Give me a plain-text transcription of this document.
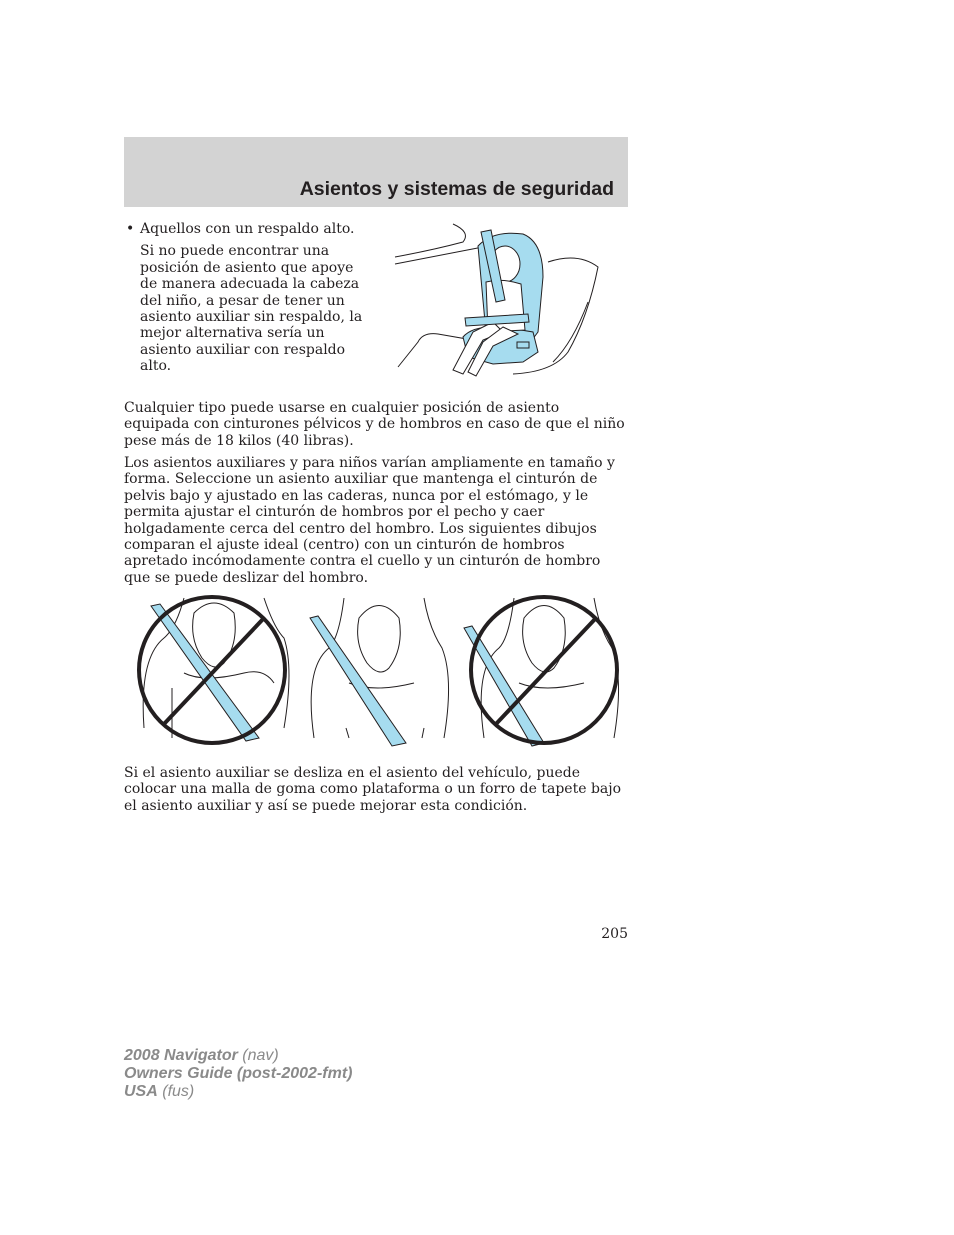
Asientos y sistemas de seguridad

• Aquellos con un respaldo alto.

Si no puede encontrar una posición de asiento que apoye de manera adecuada la cabeza del niño, a pesar de tener un asiento auxiliar sin respaldo, la mejor alternativa sería un asiento auxiliar con respaldo alto.

Cualquier tipo puede usarse en cualquier posición de asiento equipada con cinturones pélvicos y de hombros en caso de que el niño pese más de 18 kilos (40 libras).

Los asientos auxiliares y para niños varían ampliamente en tamaño y forma. Seleccione un asiento auxiliar que mantenga el cinturón de pelvis bajo y ajustado en las caderas, nunca por el estómago, y le permita ajustar el cinturón de hombros por el pecho y caer holgadamente cerca del centro del hombro. Los siguientes dibujos comparan el ajuste ideal (centro) con un cinturón de hombros apretado incómodamente contra el cuello y un cinturón de hombro que se puede deslizar del hombro.

Si el asiento auxiliar se desliza en el asiento del vehículo, puede colocar una malla de goma como plataforma o un forro de tapete bajo el asiento auxiliar y así se puede mejorar esta condición.

205
2008 Navigator (nav)
Owners Guide (post-2002-fmt)
USA (fus)
